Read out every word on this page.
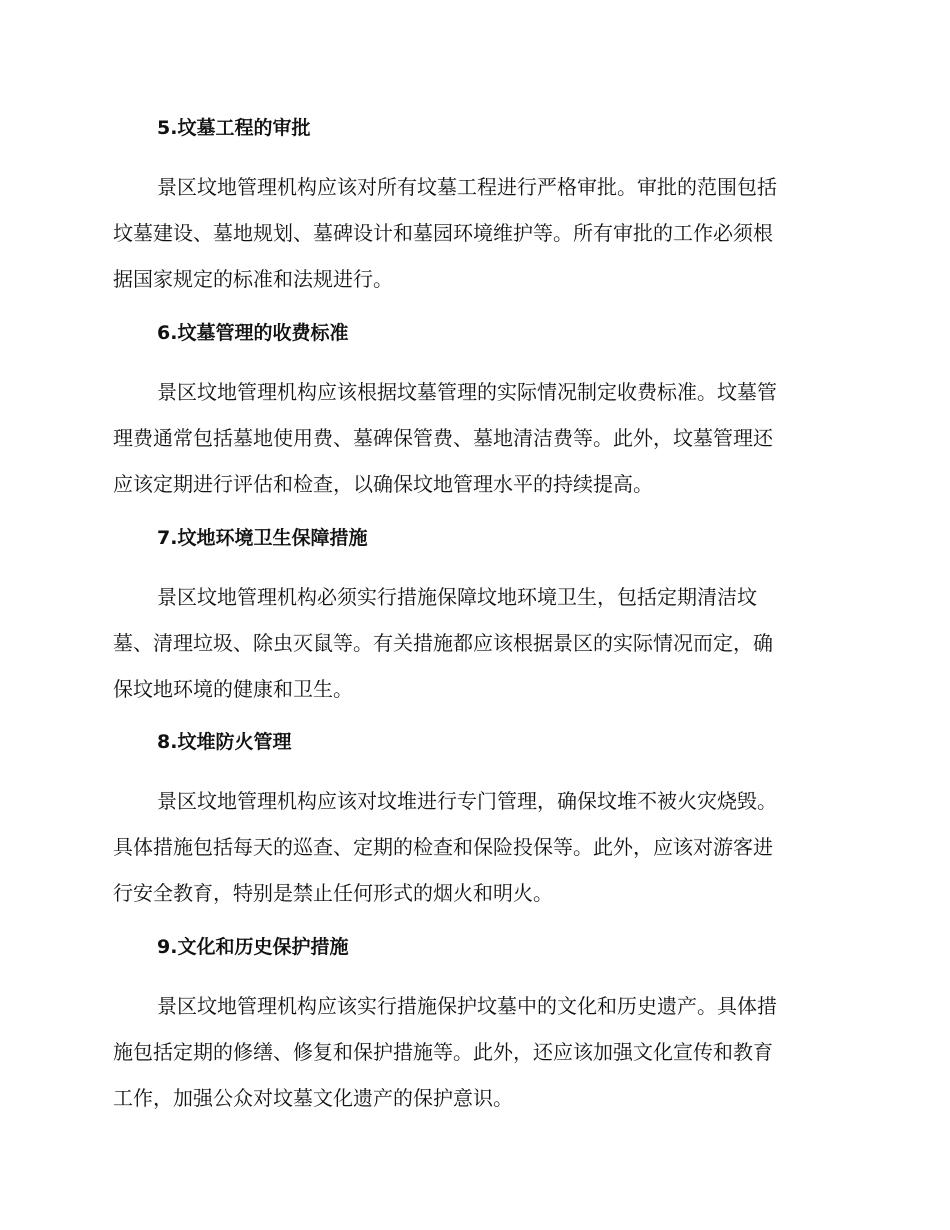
5.坟墓工程的审批

景区坟地管理机构应该对所有坟墓工程进行严格审批。审批的范围包括
坟墓建设、墓地规划、墓碑设计和墓园环境维护等。所有审批的工作必须根
据国家规定的标准和法规进行。

6.坟墓管理的收费标准

景区坟地管理机构应该根据坟墓管理的实际情况制定收费标准。坟墓管
理费通常包括墓地使用费、墓碑保管费、墓地清洁费等。此外，坟墓管理还
应该定期进行评估和检查，以确保坟地管理水平的持续提高。

7.坟地环境卫生保障措施

景区坟地管理机构必须实行措施保障坟地环境卫生，包括定期清洁坟
墓、清理垃圾、除虫灭鼠等。有关措施都应该根据景区的实际情况而定，确
保坟地环境的健康和卫生。

8.坟堆防火管理

景区坟地管理机构应该对坟堆进行专门管理，确保坟堆不被火灾烧毁。
具体措施包括每天的巡查、定期的检查和保险投保等。此外，应该对游客进
行安全教育，特别是禁止任何形式的烟火和明火。

9.文化和历史保护措施

景区坟地管理机构应该实行措施保护坟墓中的文化和历史遗产。具体措
施包括定期的修缮、修复和保护措施等。此外，还应该加强文化宣传和教育
工作，加强公众对坟墓文化遗产的保护意识。
